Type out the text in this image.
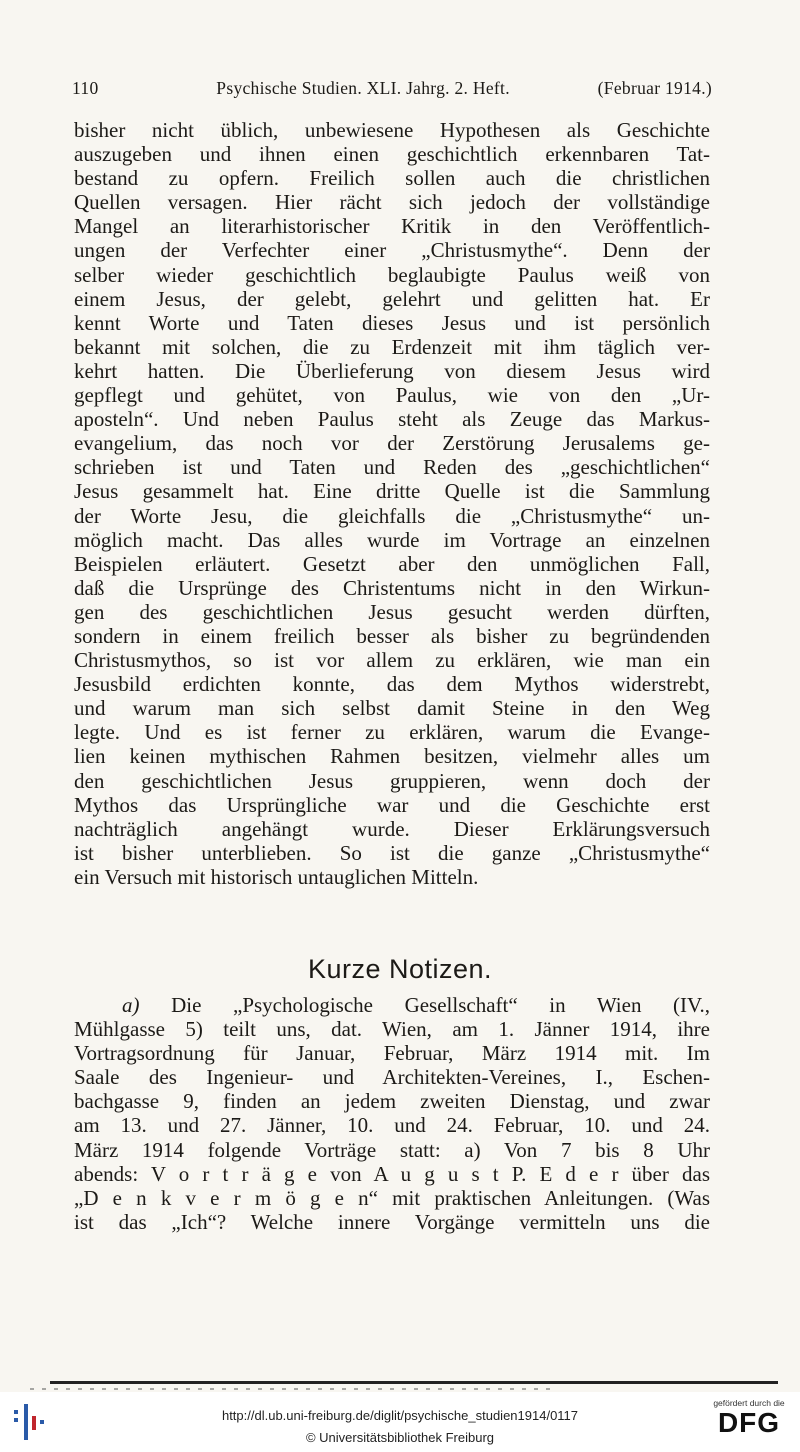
110	Psychische Studien. XLI. Jahrg. 2. Heft.	(Februar 1914.)
bisher nicht üblich, unbewiesene Hypothesen als Geschichte
auszugeben und ihnen einen geschichtlich erkennbaren Tat-
bestand zu opfern. Freilich sollen auch die christlichen
Quellen versagen. Hier rächt sich jedoch der vollständige
Mangel an literarhistorischer Kritik in den Veröffentlich-
ungen der Verfechter einer „Christusmythe“. Denn der
selber wieder geschichtlich beglaubigte Paulus weiß von
einem Jesus, der gelebt, gelehrt und gelitten hat. Er
kennt Worte und Taten dieses Jesus und ist persönlich
bekannt mit solchen, die zu Erdenzeit mit ihm täglich ver-
kehrt hatten. Die Überlieferung von diesem Jesus wird
gepflegt und gehütet, von Paulus, wie von den „Ur-
aposteln“. Und neben Paulus steht als Zeuge das Markus-
evangelium, das noch vor der Zerstörung Jerusalems ge-
schrieben ist und Taten und Reden des „geschichtlichen“
Jesus gesammelt hat. Eine dritte Quelle ist die Sammlung
der Worte Jesu, die gleichfalls die „Christusmythe“ un-
möglich macht. Das alles wurde im Vortrage an einzelnen
Beispielen erläutert. Gesetzt aber den unmöglichen Fall,
daß die Ursprünge des Christentums nicht in den Wirkun-
gen des geschichtlichen Jesus gesucht werden dürften,
sondern in einem freilich besser als bisher zu begründenden
Christusmythos, so ist vor allem zu erklären, wie man ein
Jesusbild erdichten konnte, das dem Mythos widerstrebt,
und warum man sich selbst damit Steine in den Weg
legte. Und es ist ferner zu erklären, warum die Evange-
lien keinen mythischen Rahmen besitzen, vielmehr alles um
den geschichtlichen Jesus gruppieren, wenn doch der
Mythos das Ursprüngliche war und die Geschichte erst
nachträglich angehängt wurde. Dieser Erklärungsversuch
ist bisher unterblieben. So ist die ganze „Christusmythe“
ein Versuch mit historisch untauglichen Mitteln.
Kurze Notizen.
a) Die „Psychologische Gesellschaft“ in Wien (IV.,
Mühlgasse 5) teilt uns, dat. Wien, am 1. Jänner 1914, ihre
Vortragsordnung für Januar, Februar, März 1914 mit. Im
Saale des Ingenieur- und Architekten-Vereines, I., Eschen-
bachgasse 9, finden an jedem zweiten Dienstag, und zwar
am 13. und 27. Jänner, 10. und 24. Februar, 10. und 24.
März 1914 folgende Vorträge statt: a) Von 7 bis 8 Uhr
abends: V o r t r ä g e von A u g u s t P. E d e r über das
„D e n k v e r m ö g e n“ mit praktischen Anleitungen. (Was
ist das „Ich“? Welche innere Vorgänge vermitteln uns die
http://dl.ub.uni-freiburg.de/diglit/psychische_studien1914/0117
© Universitätsbibliothek Freiburg
gefördert durch die
DFG
